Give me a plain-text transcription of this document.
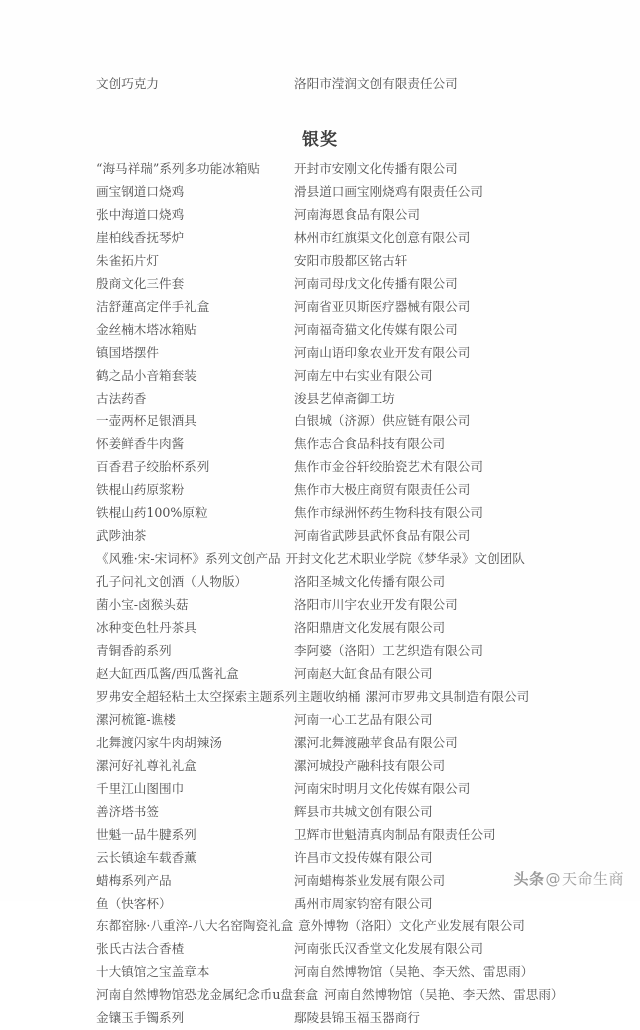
文创巧克力	洛阳市滢润文创有限责任公司
银奖
“海马祥瑞”系列多功能冰箱贴	开封市安刚文化传播有限公司
画宝钢道口烧鸡	滑县道口画宝刚烧鸡有限责任公司
张中海道口烧鸡	河南海恩食品有限公司
崖柏线香抚琴炉	林州市红旗渠文化创意有限公司
朱雀拓片灯	安阳市殷都区铭古轩
殷商文化三件套	河南司母戊文化传播有限公司
洁舒蓮高定伴手礼盒	河南省亚贝斯医疗器械有限公司
金丝楠木塔冰箱贴	河南福奇猫文化传媒有限公司
镇国塔摆件	河南山语印象农业开发有限公司
鹤之品小音箱套装	河南左中右实业有限公司
古法药香	浚县艺倬斋御工坊
一壶两杯足银酒具	白银城（济源）供应链有限公司
怀姜鲜香牛肉酱	焦作志合食品科技有限公司
百香君子绞胎杯系列	焦作市金谷轩绞胎瓷艺术有限公司
铁棍山药原浆粉	焦作市大极庄商贸有限责任公司
铁棍山药100%原粒	焦作市绿洲怀药生物科技有限公司
武陟油茶	河南省武陟县武怀食品有限公司
《风雅·宋-宋词杯》系列文创产品 开封文化艺术职业学院《梦华录》文创团队
孔子问礼文创酒（人物版）	洛阳圣城文化传播有限公司
菌小宝-卤猴头菇	洛阳市川宇农业开发有限公司
冰种变色牡丹茶具	洛阳鼎唐文化发展有限公司
青铜香韵系列	李阿婆（洛阳）工艺织造有限公司
赵大缸西瓜酱/西瓜酱礼盒	河南赵大缸食品有限公司
罗弗安全超轻粘土太空探索主题系列主题收纳桶 漯河市罗弗文具制造有限公司
漯河梳篦-谯楼	河南一心工艺品有限公司
北舞渡闪家牛肉胡辣汤	漯河北舞渡融苹食品有限公司
漯河好礼尊礼礼盒	漯河城投产融科技有限公司
千里江山图围巾	河南宋时明月文化传媒有限公司
善济塔书签	辉县市共城文创有限公司
世魁一品牛腱系列	卫辉市世魁清真肉制品有限责任公司
云长镇途车载香薰	许昌市文投传媒有限公司
蜡梅系列产品	河南蜡梅茶业发展有限公司
鱼（快客杯）	禹州市周家钧窑有限公司
东都窑脉·八重淬-八大名窑陶瓷礼盒 意外博物（洛阳）文化产业发展有限公司
张氏古法合香楂	河南张氏汉香堂文化发展有限公司
十大镇馆之宝盖章本	河南自然博物馆（吴艳、李天然、雷思雨）
河南自然博物馆恐龙金属纪念币u盘套盒 河南自然博物馆（吴艳、李天然、雷思雨）
金镶玉手镯系列	鄢陵县锦玉福玉器商行
头条@天命生商
